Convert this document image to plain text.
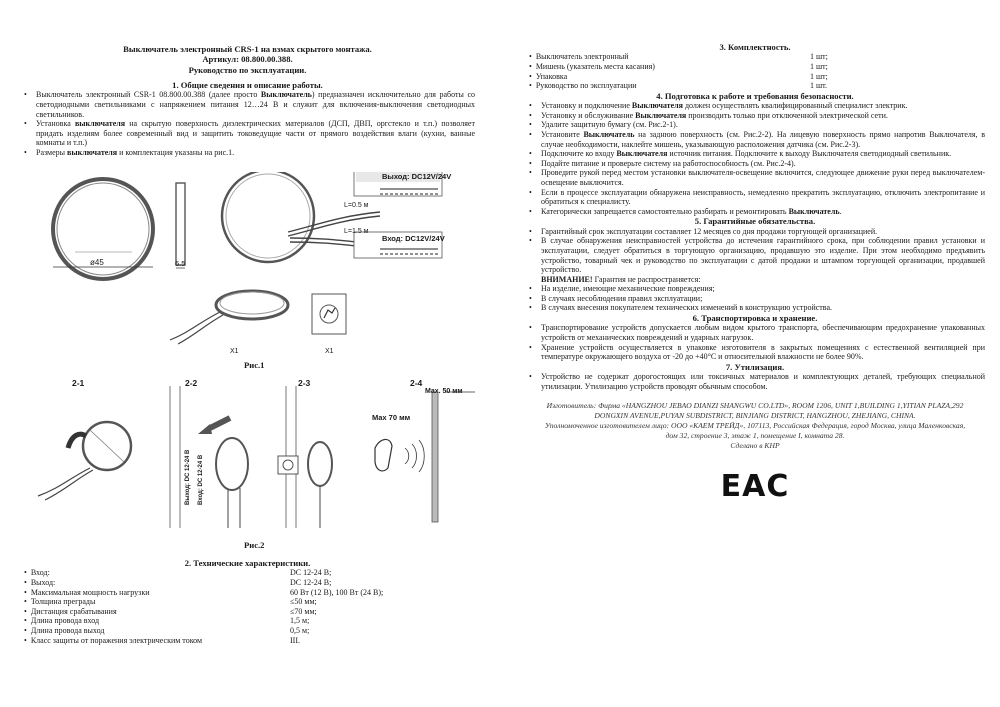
Выключатель электронный CRS-1 на взмах скрытого монтажа.
Артикул: 08.800.00.388.
Руководство по эксплуатации.
1. Общие сведения и описание работы.
• Выключатель электронный CSR-1 08.800.00.388 (далее просто Выключатель⁠) предназначен исключительно для работы со светодиодными светильниками с напряжением питания 12…24 В и служит для включения-выключения светодиодных светильников.
• Установка выключателя на скрытую поверхность диэлектрических материалов (ДСП, ДВП, оргстекло и т.п.) позволяет придать изделиям более современный вид и защитить токоведущие части от прямого воздействия влаги (кухни, ванные комнаты и т.п.)
• Размеры выключателя и комплектация указаны на рис.1.
ø45	6.5
Выход: DC12V/24V
Вход: DC12V/24V
L=0.5 м
L=1.5 м
X1	X1
Рис.1
2-1	2-2	2-3	2-4
Max. 50 мм
Max 70 мм
Выход: DC 12-24 В Вход: DC 12-24 В
Рис.2
2. Технические характеристики.
• Вход:	DC 12-24 В;
• Выход:	DC 12-24 В;
• Максимальная мощность нагрузки	60 Вт (12 В), 100 Вт (24 В);
• Толщина преграды	≤50 мм;
• Дистанция срабатывания	≤70 мм;
• Длина провода вход	1,5 м;
• Длина провода выход	0,5 м;
• Класс защиты от поражения электрическим током	III.
3. Комплектность.
• Выключатель электронный	1 шт;
• Мишень (указатель места касания)	1 шт;
• Упаковка	1 шт;
• Руководство по эксплуатации	1 шт.
4. Подготовка к работе и требования безопасности.
• Установку и подключение Выключателя должен осуществлять квалифицированный специалист электрик.
• Установку и обслуживание Выключателя производить только при отключенной электрической сети.
• Удалите защитную бумагу (см. Рис.2-1).
• Установите Выключатель на заднюю поверхность (см. Рис.2-2). На лицевую поверхность прямо напротив Выключателя, в случае необходимости, наклейте мишень, указывающую расположения датчика (см. Рис.2-3).
• Подключите ко входу Выключателя источник питания. Подключите к выходу Выключателя светодиодный светильник.
• Подайте питание и проверьте систему на работоспособность (см. Рис.2-4).
• Проведите рукой перед местом установки выключателя-освещение включится, следующее движение руки перед выключателем-освещение выключится.
• Если в процессе эксплуатации обнаружена неисправность, немедленно прекратить эксплуатацию, отключить электропитание и обратиться к специалисту.
• Категорически запрещается самостоятельно разбирать и ремонтировать Выключатель.
5. Гарантийные обязательства.
• Гарантийный срок эксплуатации составляет 12 месяцев со дня продажи торгующей организацией.
• В случае обнаружения неисправностей устройства до истечения гарантийного срока, при соблюдении правил установки и эксплуатации, следует обратиться в торгующую организацию, продавшую это изделие. При этом необходимо предъявить устройство, товарный чек и руководство по эксплуатации с датой продажи и штампом торгующей организации, продавшей устройство.
ВНИМАНИЕ! Гарантия не распространяется:
• На изделие, имеющие механические повреждения;
• В случаях несоблюдения правил эксплуатации;
• В случаях внесения покупателем технических изменений в конструкцию устройства.
6. Транспортировка и хранение.
• Транспортирование устройств допускается любым видом крытого транспорта, обеспечивающим предохранение упакованных устройств от механических повреждений и ударных нагрузок.
• Хранение устройств осуществляется в упаковке изготовителя в закрытых помещениях с естественной вентиляцией при температуре окружающего воздуха от -20 до +40°С и относительной влажности не более 90%.
7. Утилизация.
• Устройство не содержат дорогостоящих или токсичных материалов и комплектующих деталей, требующих специальной утилизации. Утилизацию устройств проводят обычным способом.
Изготовитель: Фирма «HANGZHOU JEBAO DIANZI SHANGWU CO.LTD», ROOM 1206, UNIT 1,BUILDING 1,YITIAN PLAZA,292 DONGXIN AVENUE,PUYAN SUBDISTRICT, BINJIANG DISTRICT, HANGZHOU, ZHEJIANG, CHINA.
Уполномоченное изготовителем лицо: ООО «КАЕМ ТРЕЙД», 107113, Российская Федерация, город Москва, улица Маленковская, дом 32, строение 3, этаж 1, помещение I, комната 28.
Сделано в КНР
EAC
